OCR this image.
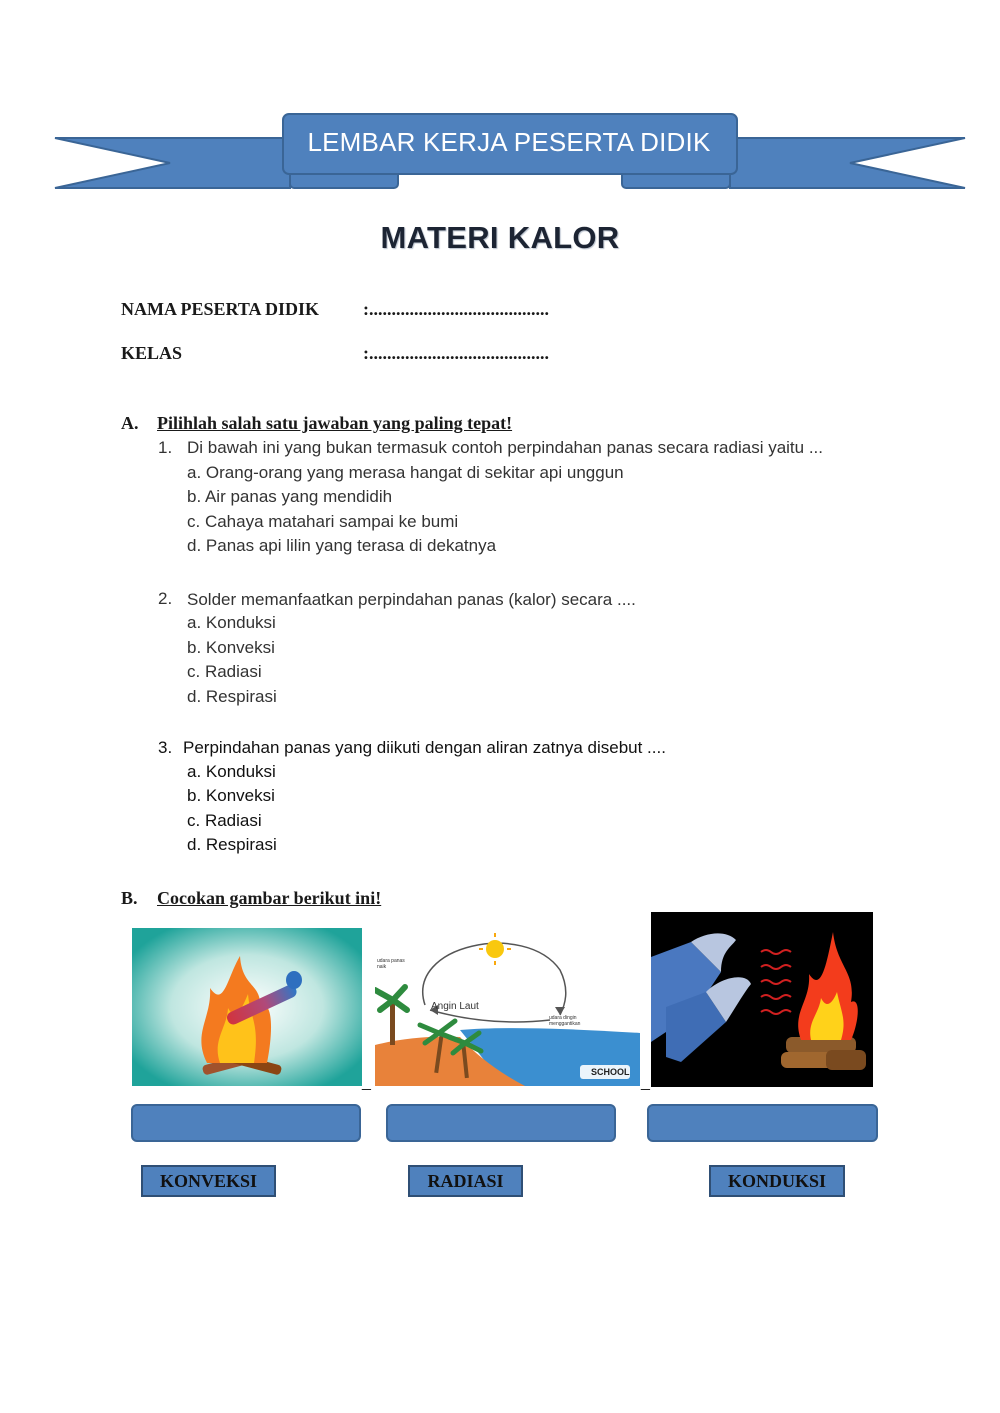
LEMBAR KERJA PESERTA DIDIK
MATERI KALOR
NAMA PESERTA DIDIK :........................................
KELAS	:........................................
A. Pilihlah salah satu jawaban yang paling tepat!
1. Di bawah ini yang bukan termasuk contoh perpindahan panas secara radiasi yaitu ...
a. Orang-orang yang merasa hangat di sekitar api unggun
b. Air panas yang mendidih
c. Cahaya matahari sampai ke bumi
d. Panas api lilin yang terasa di dekatnya
2. Solder memanfaatkan perpindahan panas (kalor) secara ....
a. Konduksi
b. Konveksi
c. Radiasi
d. Respirasi
3. Perpindahan panas yang diikuti dengan aliran zatnya disebut ....
a. Konduksi
b. Konveksi
c. Radiasi
d. Respirasi
B. Cocokan gambar berikut ini!
_
udara panas naik
Angin Laut
udara dingin menggantikan
SCHOOL
_
KONVEKSI	RADIASI	KONDUKSI
